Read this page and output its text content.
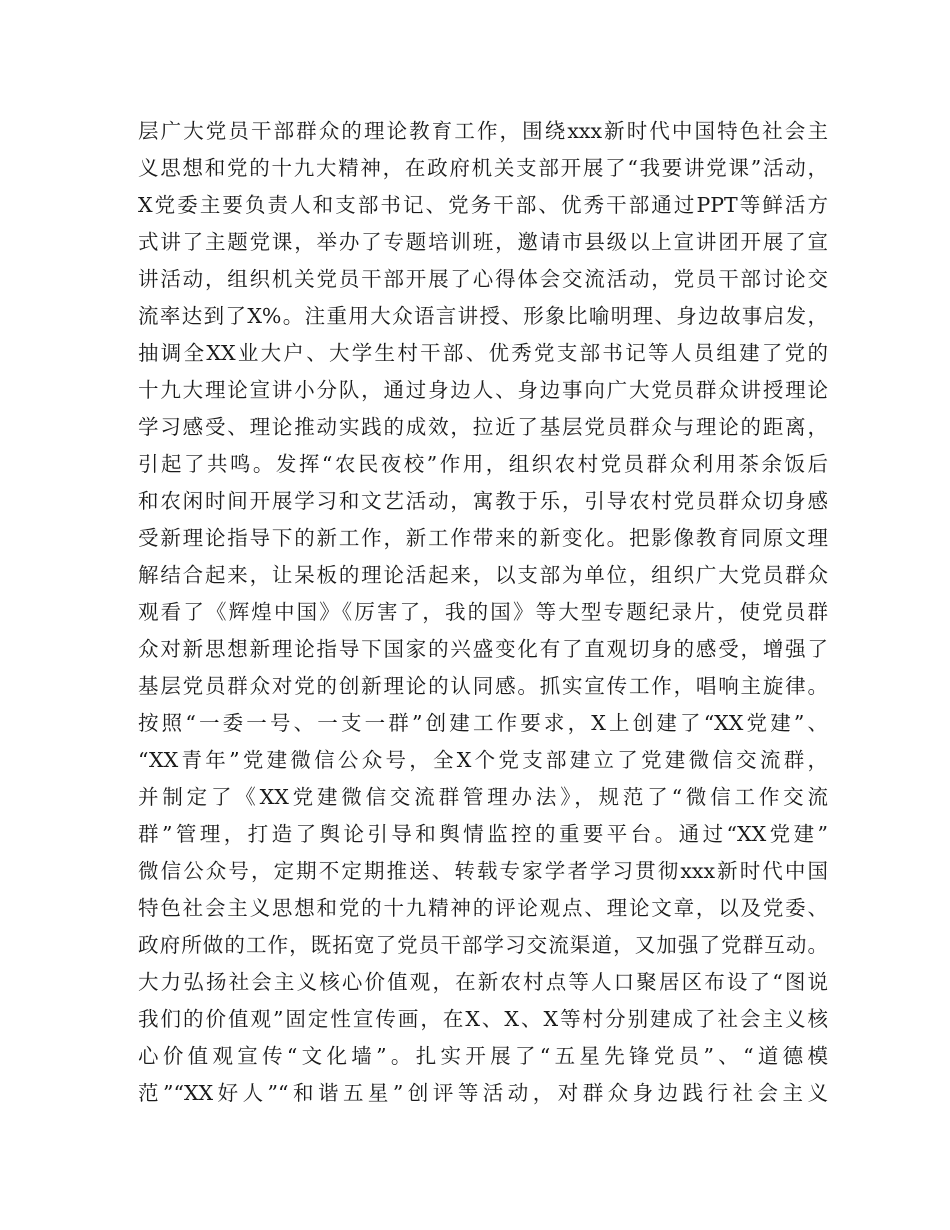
层广大党员干部群众的理论教育工作，围绕xxx新时代中国特色社会主
义思想和党的十九大精神，在政府机关支部开展了“我要讲党课”活动，
X党委主要负责人和支部书记、党务干部、优秀干部通过PPT等鲜活方
式讲了主题党课，举办了专题培训班，邀请市县级以上宣讲团开展了宣
讲活动，组织机关党员干部开展了心得体会交流活动，党员干部讨论交
流率达到了X%。注重用大众语言讲授、形象比喻明理、身边故事启发，
抽调全XX业大户、大学生村干部、优秀党支部书记等人员组建了党的
十九大理论宣讲小分队，通过身边人、身边事向广大党员群众讲授理论
学习感受、理论推动实践的成效，拉近了基层党员群众与理论的距离，
引起了共鸣。发挥“农民夜校”作用，组织农村党员群众利用茶余饭后
和农闲时间开展学习和文艺活动，寓教于乐，引导农村党员群众切身感
受新理论指导下的新工作，新工作带来的新变化。把影像教育同原文理
解结合起来，让呆板的理论活起来，以支部为单位，组织广大党员群众
观看了《辉煌中国》《厉害了，我的国》等大型专题纪录片，使党员群
众对新思想新理论指导下国家的兴盛变化有了直观切身的感受，增强了
基层党员群众对党的创新理论的认同感。抓实宣传工作，唱响主旋律。
按照“一委一号、一支一群”创建工作要求，X上创建了“XX党建”、
“XX青年”党建微信公众号，全X个党支部建立了党建微信交流群，
并制定了《XX党建微信交流群管理办法》，规范了“微信工作交流
群”管理，打造了舆论引导和舆情监控的重要平台。通过“XX党建”
微信公众号，定期不定期推送、转载专家学者学习贯彻xxx新时代中国
特色社会主义思想和党的十九精神的评论观点、理论文章，以及党委、
政府所做的工作，既拓宽了党员干部学习交流渠道，又加强了党群互动。
大力弘扬社会主义核心价值观，在新农村点等人口聚居区布设了“图说
我们的价值观”固定性宣传画，在X、X、X等村分别建成了社会主义核
心价值观宣传“文化墙”。扎实开展了“五星先锋党员”、“道德模
范”“XX好人”“和谐五星”创评等活动，对群众身边践行社会主义
